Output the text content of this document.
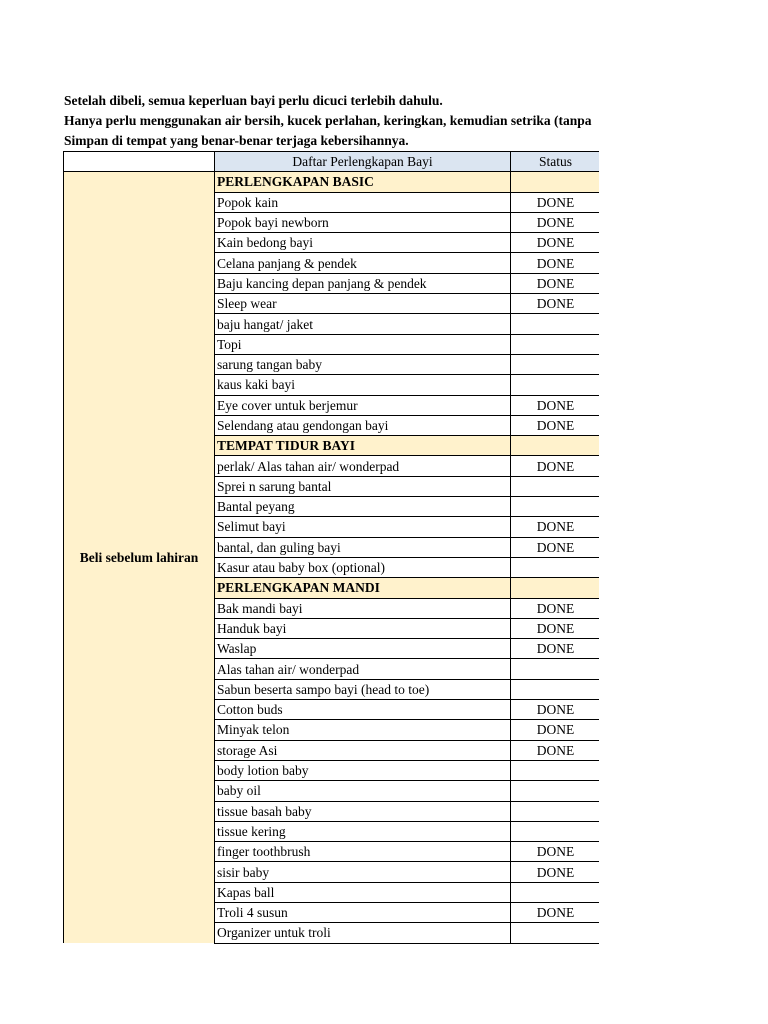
Setelah dibeli, semua keperluan bayi perlu dicuci terlebih dahulu.
Hanya perlu menggunakan air bersih, kucek perlahan, keringkan, kemudian setrika (tanpa
Simpan di tempat yang benar-benar terjaga kebersihannya.
	Daftar Perlengkapan Bayi	Status
Beli sebelum lahiran	PERLENGKAPAN BASIC	
	Popok kain	DONE
	Popok bayi newborn	DONE
	Kain bedong bayi	DONE
	Celana panjang & pendek	DONE
	Baju kancing depan panjang & pendek	DONE
	Sleep wear	DONE
	baju hangat/ jaket	
	Topi	
	sarung tangan baby	
	kaus kaki bayi	
	Eye cover untuk berjemur	DONE
	Selendang atau gendongan bayi	DONE
	TEMPAT TIDUR BAYI	
	perlak/ Alas tahan air/ wonderpad	DONE
	Sprei n sarung bantal	
	Bantal peyang	
	Selimut bayi	DONE
	bantal, dan guling bayi	DONE
	Kasur atau baby box (optional)	
	PERLENGKAPAN MANDI	
	Bak mandi bayi	DONE
	Handuk bayi	DONE
	Waslap	DONE
	Alas tahan air/ wonderpad	
	Sabun beserta sampo bayi (head to toe)	
	Cotton buds	DONE
	Minyak telon	DONE
	storage Asi	DONE
	body lotion baby	
	baby oil	
	tissue basah baby	
	tissue kering	
	finger toothbrush	DONE
	sisir baby	DONE
	Kapas ball	
	Troli 4 susun	DONE
	Organizer untuk troli	
